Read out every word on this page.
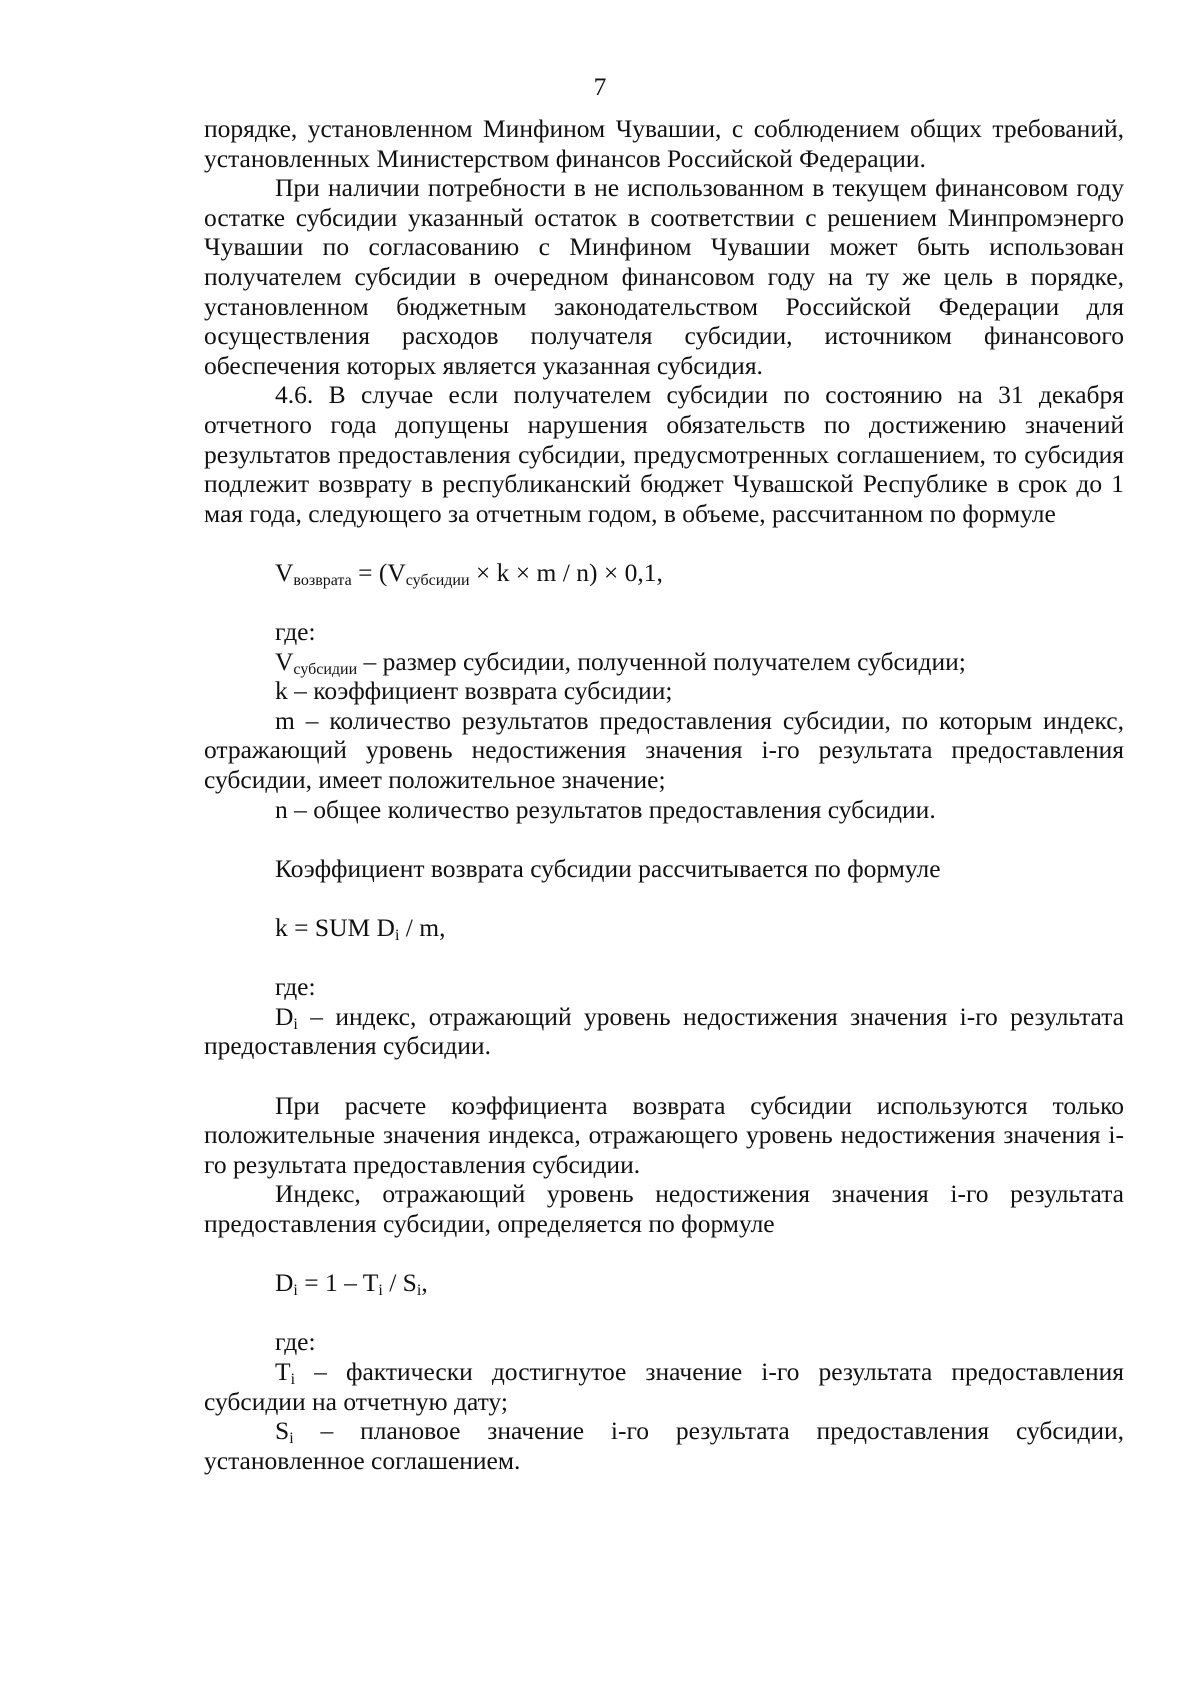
7

порядке, установленном Минфином Чувашии, с соблюдением общих требований, установленных Министерством финансов Российской Федерации.

При наличии потребности в не использованном в текущем финансовом году остатке субсидии указанный остаток в соответствии с решением Минпромэнерго Чувашии по согласованию с Минфином Чувашии может быть использован получателем субсидии в очередном финансовом году на ту же цель в порядке, установленном бюджетным законодательством Российской Федерации для осуществления расходов получателя субсидии, источником финансового обеспечения которых является указанная субсидия.

4.6. В случае если получателем субсидии по состоянию на 31 декабря отчетного года допущены нарушения обязательств по достижению значений результатов предоставления субсидии, предусмотренных соглашением, то субсидия подлежит возврату в республиканский бюджет Чувашской Республике в срок до 1 мая года, следующего за отчетным годом, в объеме, рассчитанном по формуле

$V_{возврата} = (V_{субсидии} \times k \times m / n) \times 0,1$,

где:

$V_{субсидии}$ – размер субсидии, полученной получателем субсидии;

k – коэффициент возврата субсидии;

m – количество результатов предоставления субсидии, по которым индекс, отражающий уровень недостижения значения i-го результата предоставления субсидии, имеет положительное значение;

n – общее количество результатов предоставления субсидии.

Коэффициент возврата субсидии рассчитывается по формуле

k = SUM $D_i$ / m,

где:

$D_i$ – индекс, отражающий уровень недостижения значения i-го результата предоставления субсидии.

При расчете коэффициента возврата субсидии используются только положительные значения индекса, отражающего уровень недостижения значения i-го результата предоставления субсидии.

Индекс, отражающий уровень недостижения значения i-го результата предоставления субсидии, определяется по формуле

$D_i = 1 - T_i / S_i$,

где:

$T_i$ – фактически достигнутое значение i-го результата предоставления субсидии на отчетную дату;

$S_i$ – плановое значение i-го результата предоставления субсидии, установленное соглашением.
